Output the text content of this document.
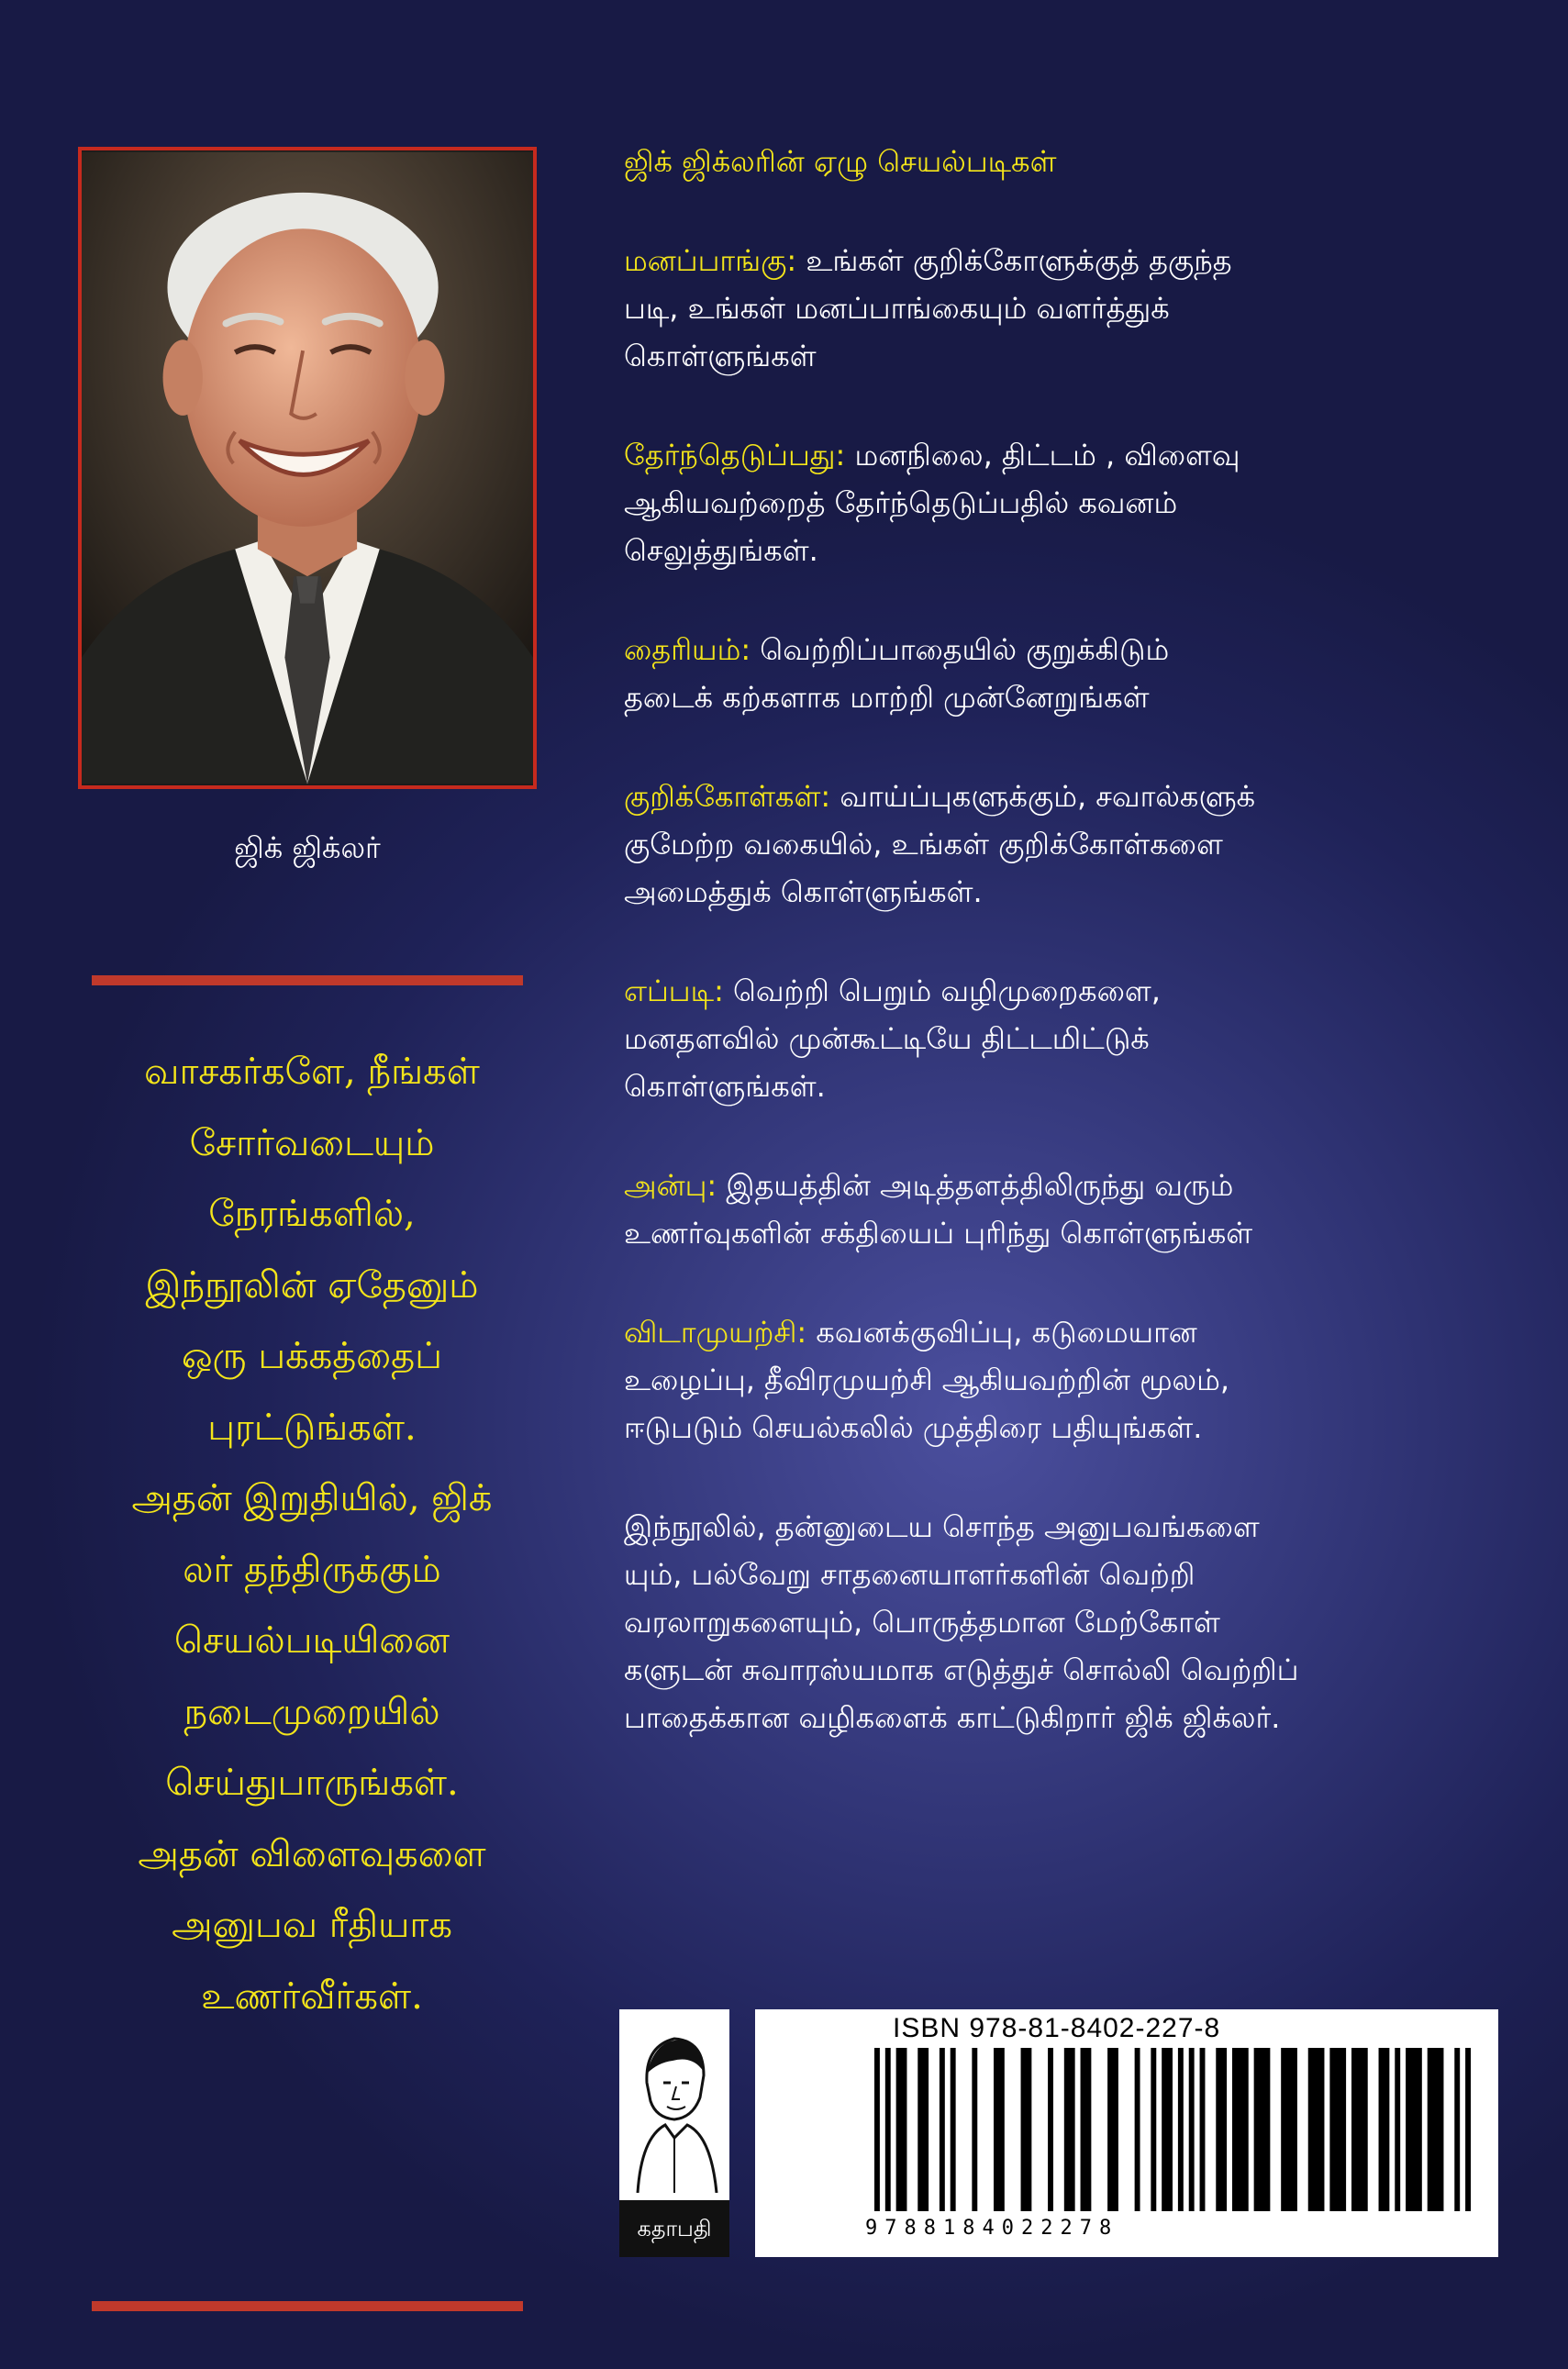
ஜிக் ஜிக்லர்
வாசகர்களே, நீங்கள்
சோர்வடையும்
நேரங்களில்,
இந்நூலின் ஏதேனும்
ஒரு பக்கத்தைப்
புரட்டுங்கள்.
அதன் இறுதியில், ஜிக்
லர் தந்திருக்கும்
செயல்படியினை
நடைமுறையில்
செய்துபாருங்கள்.
அதன் விளைவுகளை
அனுபவ ரீதியாக
உணர்வீர்கள்.
ஜிக் ஜிக்லரின் ஏழு செயல்படிகள்
மனப்பாங்கு: உங்கள் குறிக்கோளுக்குத் தகுந்த
படி, உங்கள் மனப்பாங்கையும் வளர்த்துக்
கொள்ளுங்கள்
தேர்ந்தெடுப்பது: மனநிலை, திட்டம் , விளைவு
ஆகியவற்றைத் தேர்ந்தெடுப்பதில் கவனம்
செலுத்துங்கள்.
தைரியம்: வெற்றிப்பாதையில் குறுக்கிடும்
தடைக் கற்களாக மாற்றி முன்னேறுங்கள்
குறிக்கோள்கள்: வாய்ப்புகளுக்கும், சவால்களுக்
குமேற்ற வகையில், உங்கள் குறிக்கோள்களை
அமைத்துக் கொள்ளுங்கள்.
எப்படி: வெற்றி பெறும் வழிமுறைகளை,
மனதளவில் முன்கூட்டியே திட்டமிட்டுக்
கொள்ளுங்கள்.
அன்பு: இதயத்தின் அடித்தளத்திலிருந்து வரும்
உணர்வுகளின் சக்தியைப் புரிந்து கொள்ளுங்கள்
விடாமுயற்சி: கவனக்குவிப்பு, கடுமையான
உழைப்பு, தீவிரமுயற்சி ஆகியவற்றின் மூலம்,
ஈடுபடும் செயல்கலில் முத்திரை பதியுங்கள்.
இந்நூலில், தன்னுடைய சொந்த அனுபவங்களை
யும், பல்வேறு சாதனையாளர்களின் வெற்றி
வரலாறுகளையும், பொருத்தமான மேற்கோள்
களுடன் சுவாரஸ்யமாக எடுத்துச் சொல்லி வெற்றிப்
பாதைக்கான வழிகளைக் காட்டுகிறார் ஜிக் ஜிக்லர்.
கதாபதி
ISBN 978-81-8402-227-8
9788184022278
